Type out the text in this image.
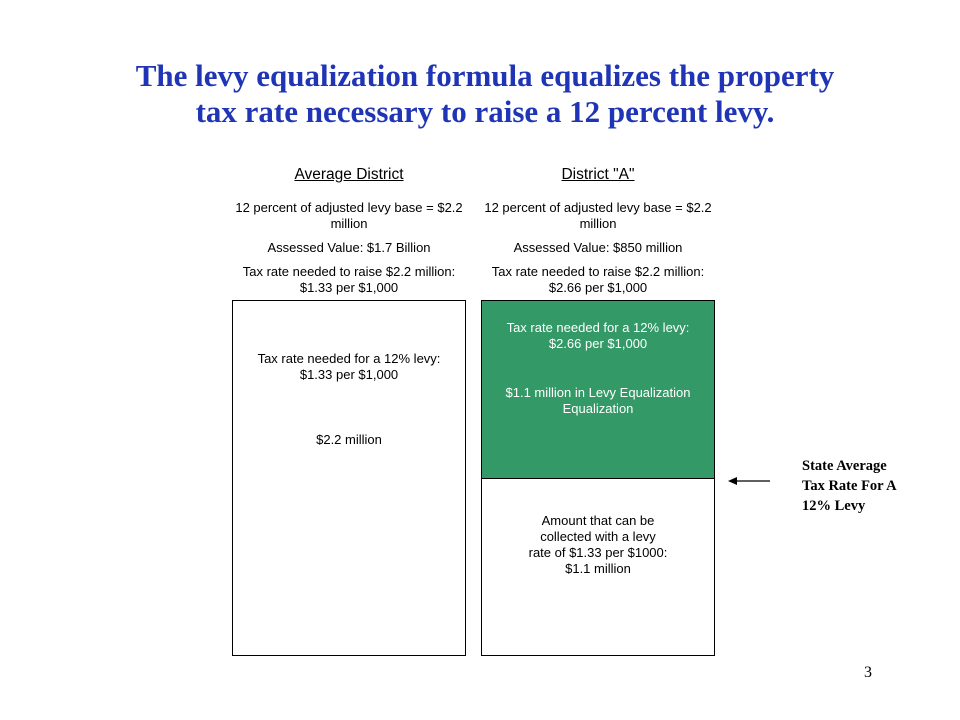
The levy equalization formula equalizes the property
tax rate necessary to raise a 12 percent levy.
Average District

12 percent of adjusted levy base = $2.2
million

Assessed Value: $1.7 Billion

Tax rate needed to raise $2.2 million:
$1.33 per $1,000

District "A"

12 percent of adjusted levy base = $2.2
million

Assessed Value: $850 million

Tax rate needed to raise $2.2 million:
$2.66 per $1,000

Tax rate needed for a 12% levy:
$1.33 per $1,000
$2.2 million
Tax rate needed for a 12% levy:
$2.66 per $1,000
$1.1 million in Levy Equalization
Equalization
Amount that can be
collected with a levy
rate of $1.33 per $1000:
$1.1 million
State Average
Tax Rate For A
12% Levy
3
